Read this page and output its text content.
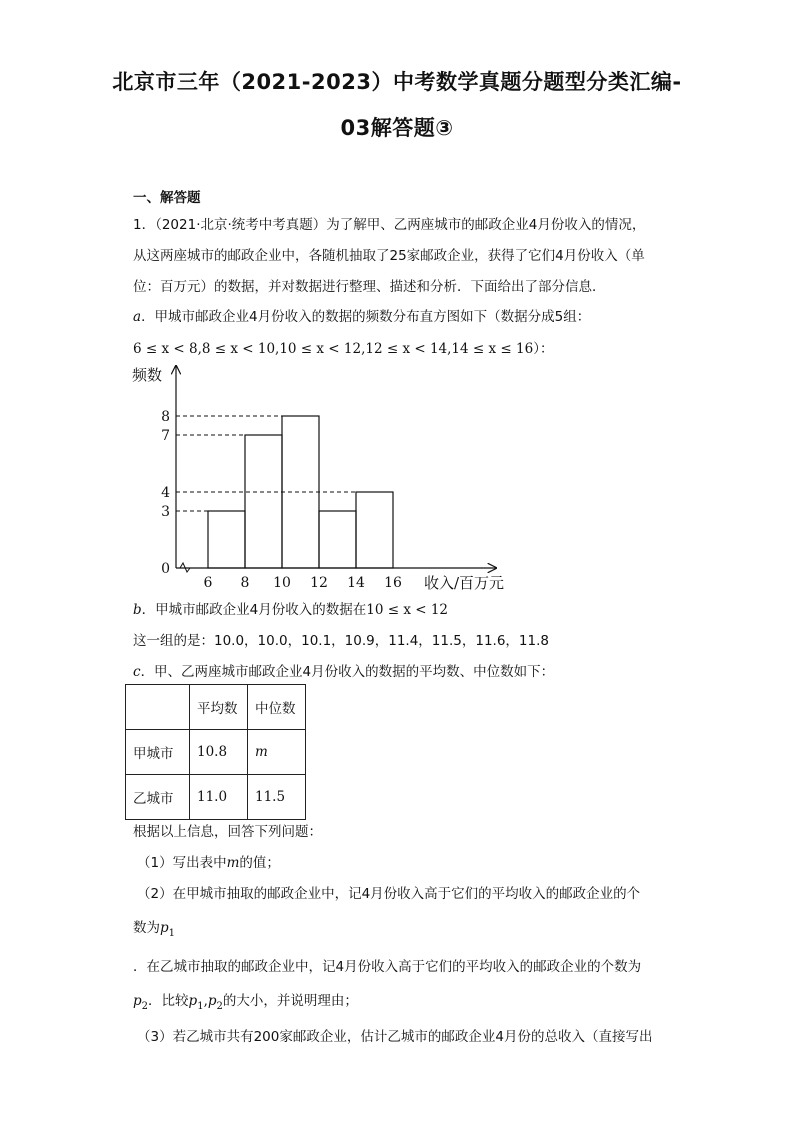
北京市三年（2021-2023）中考数学真题分题型分类汇编-
03解答题③
一、解答题
1．（2021·北京·统考中考真题）为了解甲、乙两座城市的邮政企业4月份收入的情况，
从这两座城市的邮政企业中，各随机抽取了25家邮政企业，获得了它们4月份收入（单
位：百万元）的数据，并对数据进行整理、描述和分析．下面给出了部分信息．
a．甲城市邮政企业4月份收入的数据的频数分布直方图如下（数据分成5组：
6 ≤ x < 8,8 ≤ x < 10,10 ≤ x < 12,12 ≤ x < 14,14 ≤ x ≤ 16）：
0
3
4
7
8
6 8 10 12 14 16
频数
收入/百万元
b．甲城市邮政企业4月份收入的数据在10 ≤ x < 12
这一组的是：10.0，10.0，10.1，10.9，11.4，11.5，11.6，11.8
c．甲、乙两座城市邮政企业4月份收入的数据的平均数、中位数如下：
	平均数	中位数
甲城市	10.8	m
乙城市	11.0	11.5
根据以上信息，回答下列问题：
（1）写出表中m的值；
（2）在甲城市抽取的邮政企业中，记4月份收入高于它们的平均收入的邮政企业的个
数为$p_1$
．在乙城市抽取的邮政企业中，记4月份收入高于它们的平均收入的邮政企业的个数为
$p_2$．比较$p_1,p_2$的大小，并说明理由；
（3）若乙城市共有200家邮政企业，估计乙城市的邮政企业4月份的总收入（直接写出
